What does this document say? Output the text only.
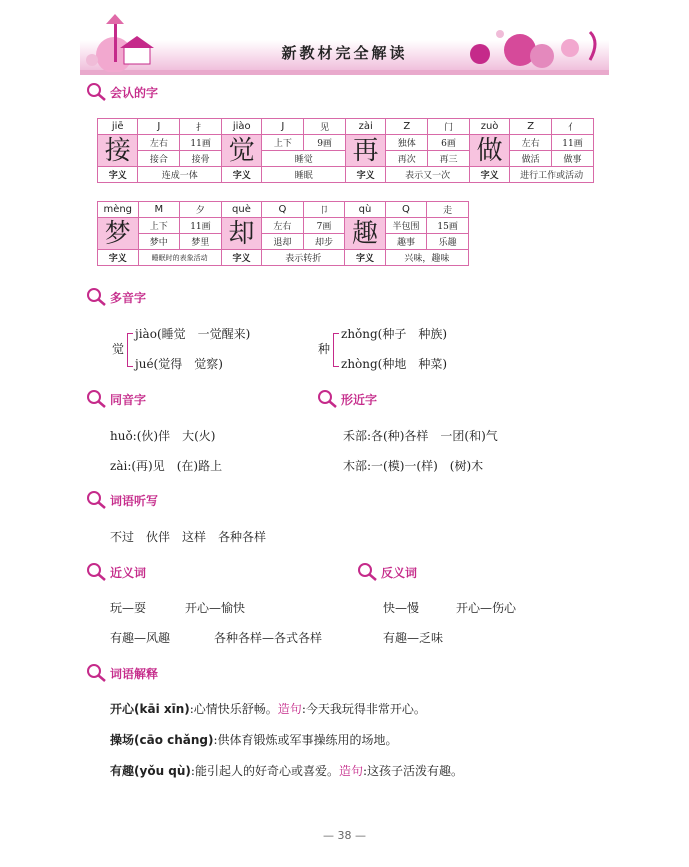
新教材完全解读
会认的字
jiē	J	扌	jiào	J	见	zài	Z	门	zuò	Z	亻
接	左右	11画	觉	上下	9画	再	独体	6画	做	左右	11画
	接合	接骨		睡觉			再次	再三		做活	做事
字义	连成一体		字义	睡眠		字义	表示又一次		字义	进行工作或活动	
mèng	M	夕	què	Q	卩	qù	Q	走
梦	上下	11画	却	左右	7画	趣	半包围	15画
	梦中	梦里		退却	却步		趣事	乐趣
字义	睡眠时的表象活动		字义	表示转折		字义	兴味，趣味	
多音字
觉
jiào(睡觉　一觉醒来)
jué(觉得　觉察)
种
zhǒng(种子　种族)
zhòng(种地　种菜)
同音字	形近字
huǒ:(伙)伴　大(火)
zài:(再)见　(在)路上
禾部:各(种)各样　一团(和)气
木部:一(模)一(样)　(树)木
词语听写
不过　伙伴　这样　各种各样
近义词	反义词
玩—耍	开心—愉快
有趣—风趣	各种各样—各式各样
快—慢	开心—伤心
有趣—乏味
词语解释
开心(kāi xīn):心情快乐舒畅。造句:今天我玩得非常开心。
操场(cāo chǎng):供体育锻炼或军事操练用的场地。
有趣(yǒu qù):能引起人的好奇心或喜爱。造句:这孩子活泼有趣。
— 38 —
